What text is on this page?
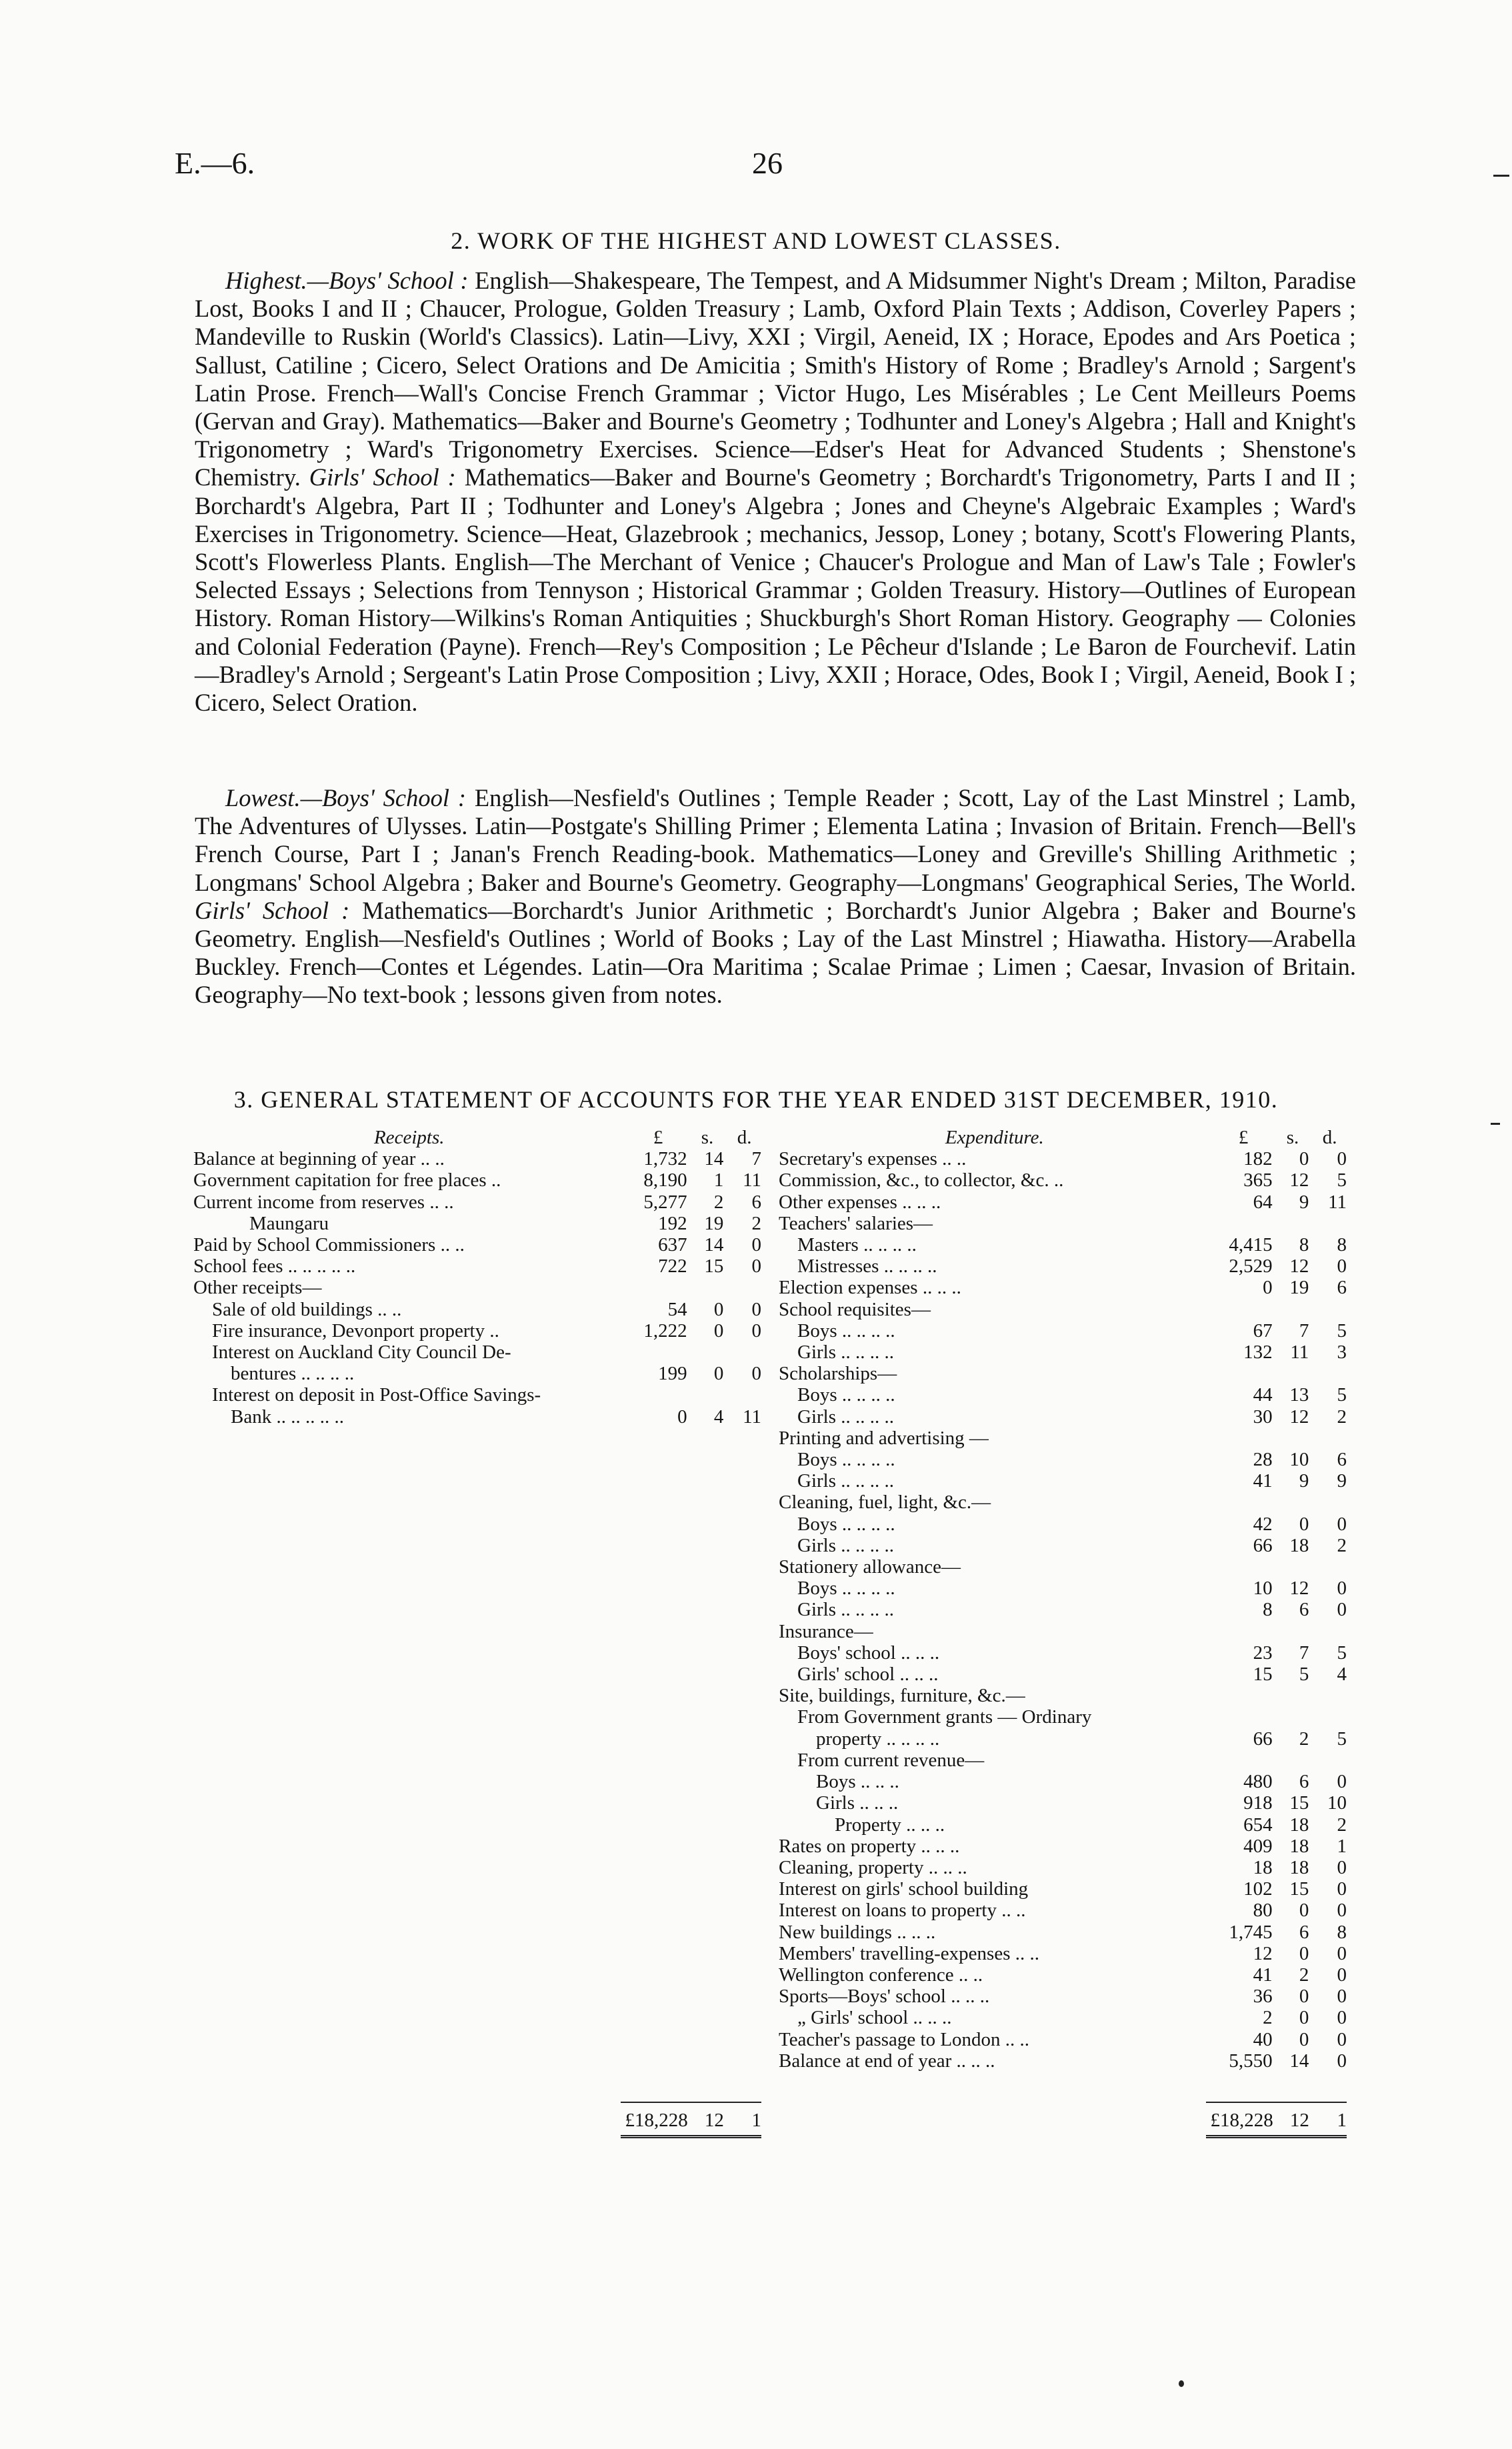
E.—6.	26
2. WORK OF THE HIGHEST AND LOWEST CLASSES.

Highest.—Boys' School : English—Shakespeare, The Tempest, and A Midsummer Night's Dream ; Milton, Paradise Lost, Books I and II ; Chaucer, Prologue, Golden Treasury ; Lamb, Oxford Plain Texts ; Addison, Coverley Papers ; Mandeville to Ruskin (World's Classics). Latin—Livy, XXI ; Virgil, Aeneid, IX ; Horace, Epodes and Ars Poetica ; Sallust, Catiline ; Cicero, Select Orations and De Amicitia ; Smith's History of Rome ; Bradley's Arnold ; Sargent's Latin Prose. French—Wall's Concise French Grammar ; Victor Hugo, Les Misérables ; Le Cent Meilleurs Poems (Gervan and Gray). Mathematics—Baker and Bourne's Geometry ; Todhunter and Loney's Algebra ; Hall and Knight's Trigonometry ; Ward's Trigonometry Exercises. Science—Edser's Heat for Advanced Students ; Shenstone's Chemistry. Girls' School : Mathematics—Baker and Bourne's Geometry ; Borchardt's Trigonometry, Parts I and II ; Borchardt's Algebra, Part II ; Todhunter and Loney's Algebra ; Jones and Cheyne's Algebraic Examples ; Ward's Exercises in Trigonometry. Science—Heat, Glazebrook ; mechanics, Jessop, Loney ; botany, Scott's Flowering Plants, Scott's Flowerless Plants. English—The Merchant of Venice ; Chaucer's Prologue and Man of Law's Tale ; Fowler's Selected Essays ; Selections from Tennyson ; Historical Grammar ; Golden Treasury. History—Outlines of European History. Roman History—Wilkins's Roman Antiquities ; Shuckburgh's Short Roman History. Geography — Colonies and Colonial Federation (Payne). French—Rey's Composition ; Le Pêcheur d'Islande ; Le Baron de Fourchevif. Latin—Bradley's Arnold ; Sergeant's Latin Prose Composition ; Livy, XXII ; Horace, Odes, Book I ; Virgil, Aeneid, Book I ; Cicero, Select Oration.

Lowest.—Boys' School : English—Nesfield's Outlines ; Temple Reader ; Scott, Lay of the Last Minstrel ; Lamb, The Adventures of Ulysses. Latin—Postgate's Shilling Primer ; Elementa Latina ; Invasion of Britain. French—Bell's French Course, Part I ; Janan's French Reading-book. Mathematics—Loney and Greville's Shilling Arithmetic ; Longmans' School Algebra ; Baker and Bourne's Geometry. Geography—Longmans' Geographical Series, The World. Girls' School : Mathematics—Borchardt's Junior Arithmetic ; Borchardt's Junior Algebra ; Baker and Bourne's Geometry. English—Nesfield's Outlines ; World of Books ; Lay of the Last Minstrel ; Hiawatha. History—Arabella Buckley. French—Contes et Légendes. Latin—Ora Maritima ; Scalae Primae ; Limen ; Caesar, Invasion of Britain. Geography—No text-book ; lessons given from notes.

3. GENERAL STATEMENT OF ACCOUNTS FOR THE YEAR ENDED 31ST DECEMBER, 1910.
Receipts.	£	s.	d.
Balance at beginning of year .. ..	1,732	14	7
Government capitation for free places ..	8,190	1	11
Current income from reserves .. ..	5,277	2	6
Maungaru	192	19	2
Paid by School Commissioners .. ..	637	14	0
School fees .. .. .. .. ..	722	15	0
Other receipts—			
Sale of old buildings .. ..	54	0	0
Fire insurance, Devonport property ..	1,222	0	0
Interest on Auckland City Council De-			
bentures .. .. .. ..	199	0	0
Interest on deposit in Post-Office Savings-			
Bank .. .. .. .. ..	0	4	11
Expenditure.	£	s.	d.
Secretary's expenses .. ..	182	0	0
Commission, &c., to collector, &c. ..	365	12	5
Other expenses .. .. ..	64	9	11
Teachers' salaries—			
Masters .. .. .. ..	4,415	8	8
Mistresses .. .. .. ..	2,529	12	0
Election expenses .. .. ..	0	19	6
School requisites—			
Boys .. .. .. ..	67	7	5
Girls .. .. .. ..	132	11	3
Scholarships—			
Boys .. .. .. ..	44	13	5
Girls .. .. .. ..	30	12	2
Printing and advertising —			
Boys .. .. .. ..	28	10	6
Girls .. .. .. ..	41	9	9
Cleaning, fuel, light, &c.—			
Boys .. .. .. ..	42	0	0
Girls .. .. .. ..	66	18	2
Stationery allowance—			
Boys .. .. .. ..	10	12	0
Girls .. .. .. ..	8	6	0
Insurance—			
Boys' school .. .. ..	23	7	5
Girls' school .. .. ..	15	5	4
Site, buildings, furniture, &c.—			
From Government grants — Ordinary			
property .. .. .. ..	66	2	5
From current revenue—			
Boys .. .. ..	480	6	0
Girls .. .. ..	918	15	10
Property .. .. ..	654	18	2
Rates on property .. .. ..	409	18	1
Cleaning, property .. .. ..	18	18	0
Interest on girls' school building	102	15	0
Interest on loans to property .. ..	80	0	0
New buildings .. .. ..	1,745	6	8
Members' travelling-expenses .. ..	12	0	0
Wellington conference .. ..	41	2	0
Sports—Boys' school .. .. ..	36	0	0
„ Girls' school .. .. ..	2	0	0
Teacher's passage to London .. ..	40	0	0
Balance at end of year .. .. ..	5,550	14	0
	£18,228	12	1

		£18,228	12	1
